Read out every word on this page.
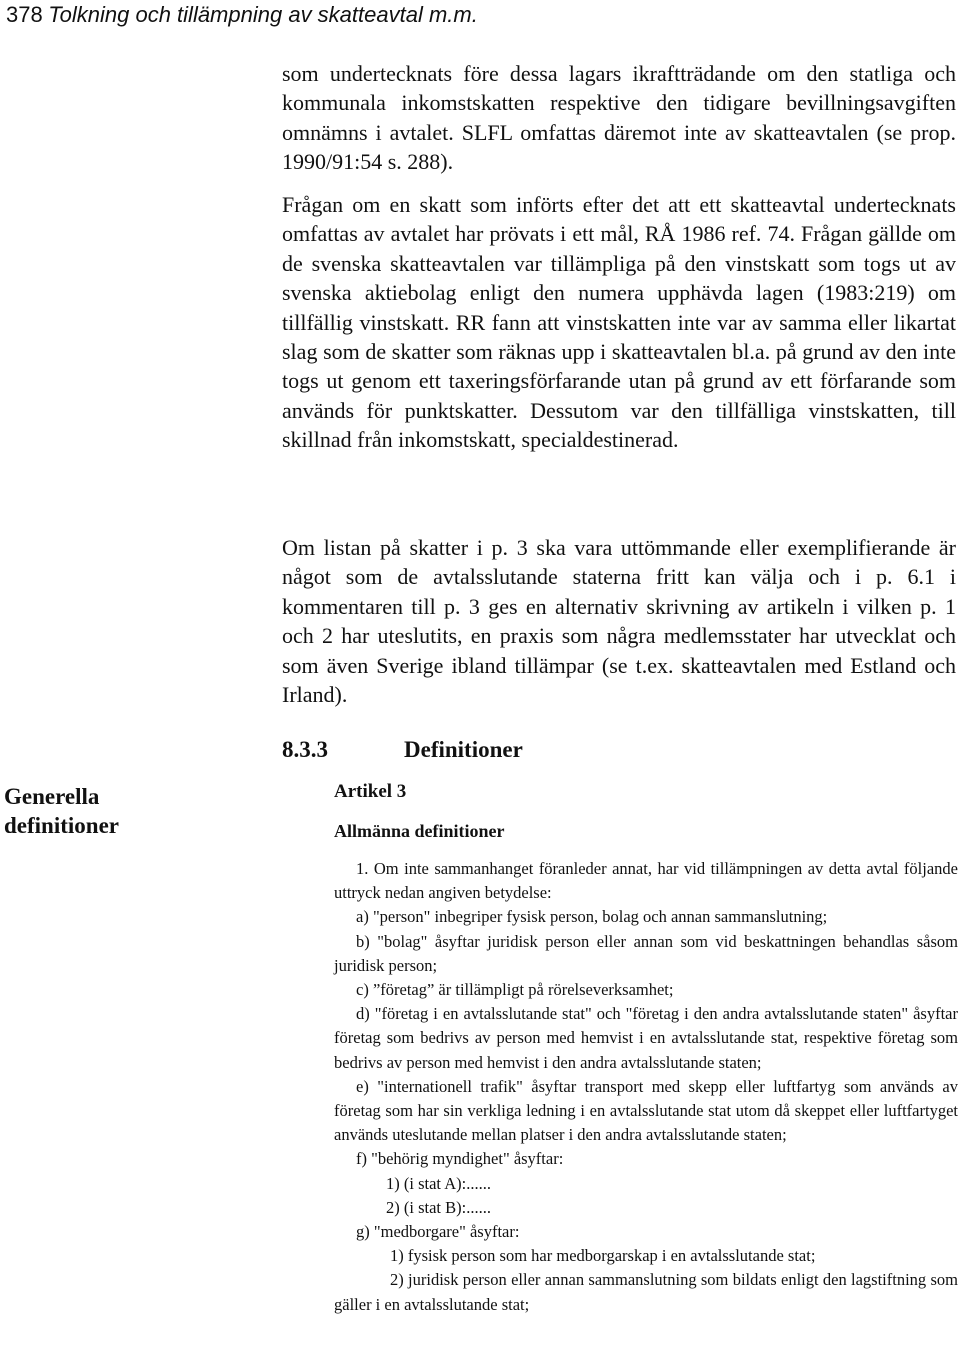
378 Tolkning och tillämpning av skatteavtal m.m.

som undertecknats före dessa lagars ikraftträdande om den statliga och kommunala inkomstskatten respektive den tidigare bevillningsavgiften omnämns i avtalet. SLFL omfattas däremot inte av skatteavtalen (se prop. 1990/91:54 s. 288).

Frågan om en skatt som införts efter det att ett skatteavtal undertecknats omfattas av avtalet har prövats i ett mål, RÅ 1986 ref. 74. Frågan gällde om de svenska skatteavtalen var tillämpliga på den vinstskatt som togs ut av svenska aktiebolag enligt den numera upphävda lagen (1983:219) om tillfällig vinstskatt. RR fann att vinstskatten inte var av samma eller likartat slag som de skatter som räknas upp i skatteavtalen bl.a. på grund av den inte togs ut genom ett taxeringsförfarande utan på grund av ett förfarande som används för punktskatter. Dessutom var den tillfälliga vinstskatten, till skillnad från inkomstskatt, specialdestinerad.

Om listan på skatter i p. 3 ska vara uttömmande eller exemplifierande är något som de avtalsslutande staterna fritt kan välja och i p. 6.1 i kommentaren till p. 3 ges en alternativ skrivning av artikeln i vilken p. 1 och 2 har uteslutits, en praxis som några medlemsstater har utvecklat och som även Sverige ibland tillämpar (se t.ex. skatteavtalen med Estland och Irland).

8.3.3	Definitioner
Generella definitioner
Artikel 3
Allmänna definitioner

1. Om inte sammanhanget föranleder annat, har vid tillämpningen av detta avtal följande uttryck nedan angiven betydelse:

a) "person" inbegriper fysisk person, bolag och annan sammanslutning;

b) "bolag" åsyftar juridisk person eller annan som vid beskattningen behandlas såsom juridisk person;

c) ”företag” är tillämpligt på rörelseverksamhet;

d) "företag i en avtalsslutande stat" och "företag i den andra avtalsslutande staten" åsyftar företag som bedrivs av person med hemvist i en avtalsslutande stat, respektive företag som bedrivs av person med hemvist i den andra avtalsslutande staten;

e) "internationell trafik" åsyftar transport med skepp eller luftfartyg som används av företag som har sin verkliga ledning i en avtalsslutande stat utom då skeppet eller luftfartyget används uteslutande mellan platser i den andra avtalsslutande staten;

f) "behörig myndighet" åsyftar:

1) (i stat A):......

2) (i stat B):......

g) "medborgare" åsyftar:

1) fysisk person som har medborgarskap i en avtalsslutande stat;

2) juridisk person eller annan sammanslutning som bildats enligt den lagstiftning som gäller i en avtalsslutande stat;
